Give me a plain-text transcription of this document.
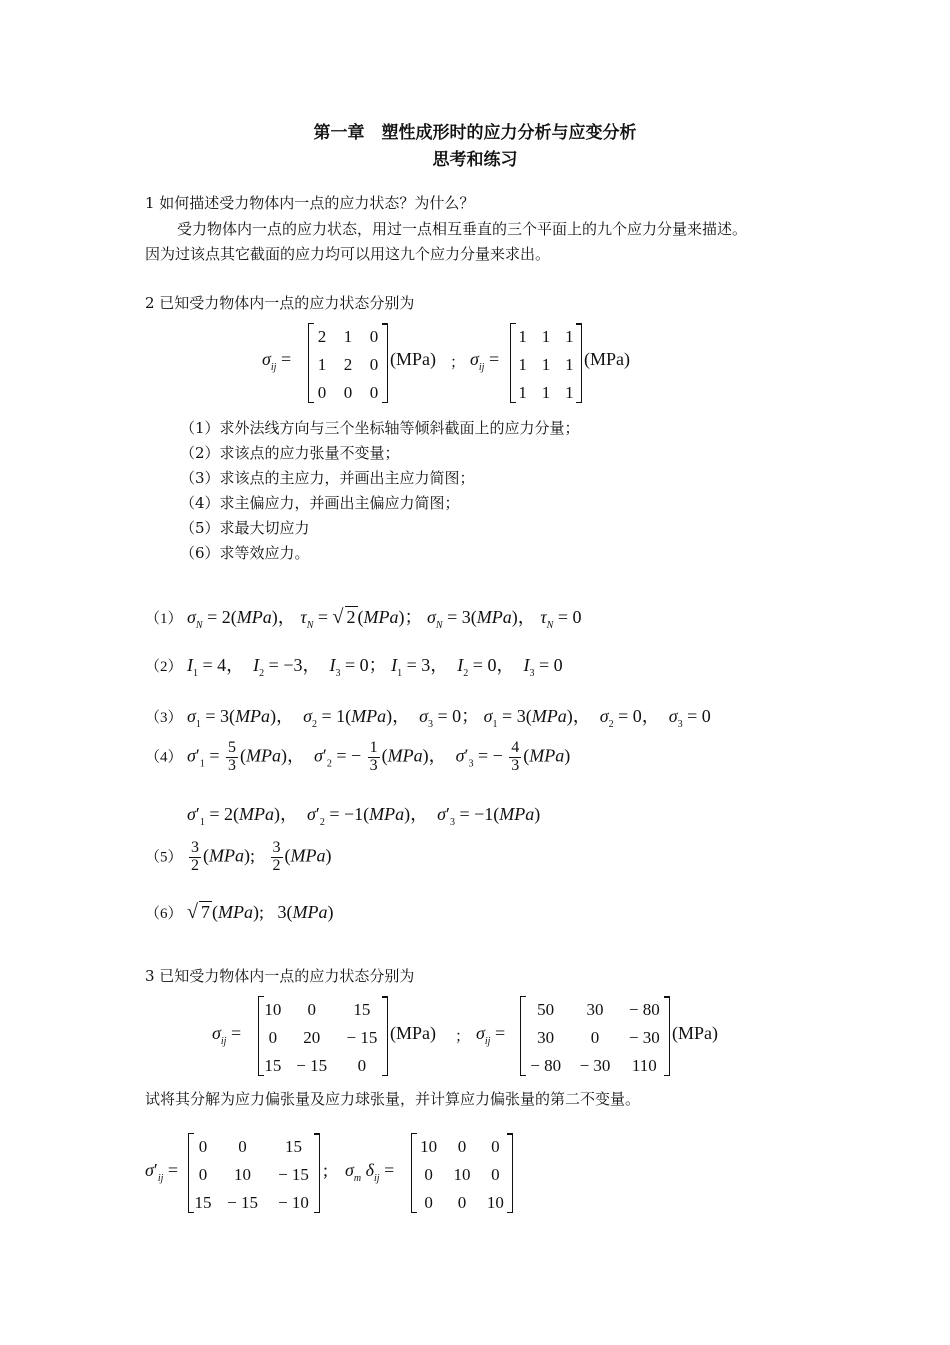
第一章　塑性成形时的应力分析与应变分析
思考和练习
1 如何描述受力物体内一点的应力状态？为什么？
受力物体内一点的应力状态，用过一点相互垂直的三个平面上的九个应力分量来描述。
因为过该点其它截面的应力均可以用这九个应力分量来求出。
2 已知受力物体内一点的应力状态分别为
$\sigma_{ij}$ =
2	1	0
1	2	0
0	0	0
(MPa) ； $\sigma_{ij}$ =
1	1	1
1	1	1
1	1	1
(MPa)
（1）求外法线方向与三个坐标轴等倾斜截面上的应力分量；
（2）求该点的应力张量不变量；
（3）求该点的主应力，并画出主应力简图；
（4）求主偏应力，并画出主偏应力简图；
（5）求最大切应力
（6）求等效应力。
（1） $\sigma_N = 2(MPa)$， $\tau_N$ = √ 2 (MPa)； $\sigma_N = 3(MPa)$， $\tau_N = 0$
（2） $I_1 = 4$，  $I_2 = -3$，  $I_3 = 0$； $I_1 = 3$，  $I_2 = 0$，  $I_3 = 0$
（3） $\sigma_1 = 3(MPa)$，  $\sigma_2 = 1(MPa)$，  $\sigma_3 = 0$； $\sigma_1 = 3(MPa)$，  $\sigma_2 = 0$，  $\sigma_3 = 0$
（4） $\sigma'_1 = \frac{5}{3} (MPa)$，  $\sigma'_2$ = − $\frac{1}{3} (MPa)$，  $\sigma'_3$ = − $\frac{4}{3} (MPa)$
$\sigma'_1 = 2(MPa)$，  $\sigma'_2 = -1(MPa)$，  $\sigma'_3 = -1(MPa)$
$(5) \frac{3}{2} (MPa)$; $\frac{3}{2} (MPa)$
（6） √ 7 (MPa);   3(MPa)
3 已知受力物体内一点的应力状态分别为
$\sigma_{ij}$ =
10	0	15
0	20	− 15
15	− 15	0
(MPa) ； $\sigma_{ij}$ =
50	30	− 80
30	0	− 30
− 80	− 30	110
(MPa)
试将其分解为应力偏张量及应力球张量，并计算应力偏张量的第二不变量。
$\sigma'_{ij}$ =
0	0	15
0	10	− 15
15	− 15	− 10
; $\sigma_m$ $\delta_{ij}$ =
10	0	0
0	10	0
0	0	10
